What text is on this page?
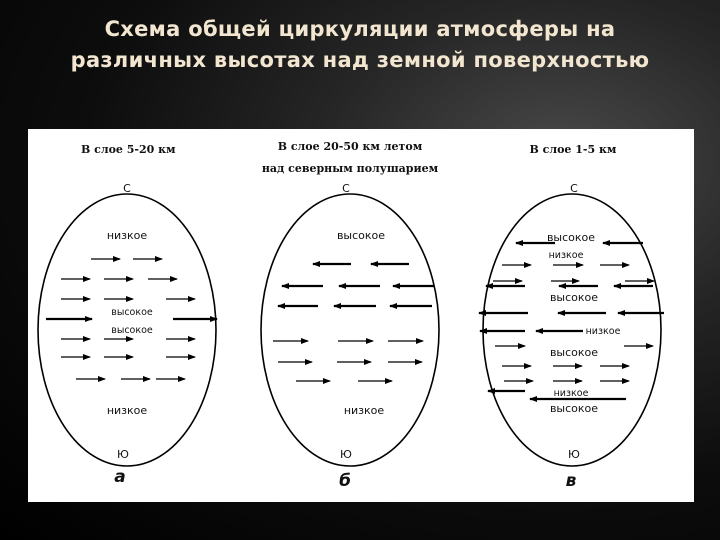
Схема общей циркуляции атмосферы на
различных высотах над земной поверхностью
В слое 5-20 км
С
низкое
высокое
высокое
низкое
Ю
а
В слое 20-50 км летом
над северным полушарием
С
высокое
низкое
Ю
б
В слое 1-5 км
С
высокое
низкое
высокое
низкое
высокое
низкое
высокое
Ю
в
